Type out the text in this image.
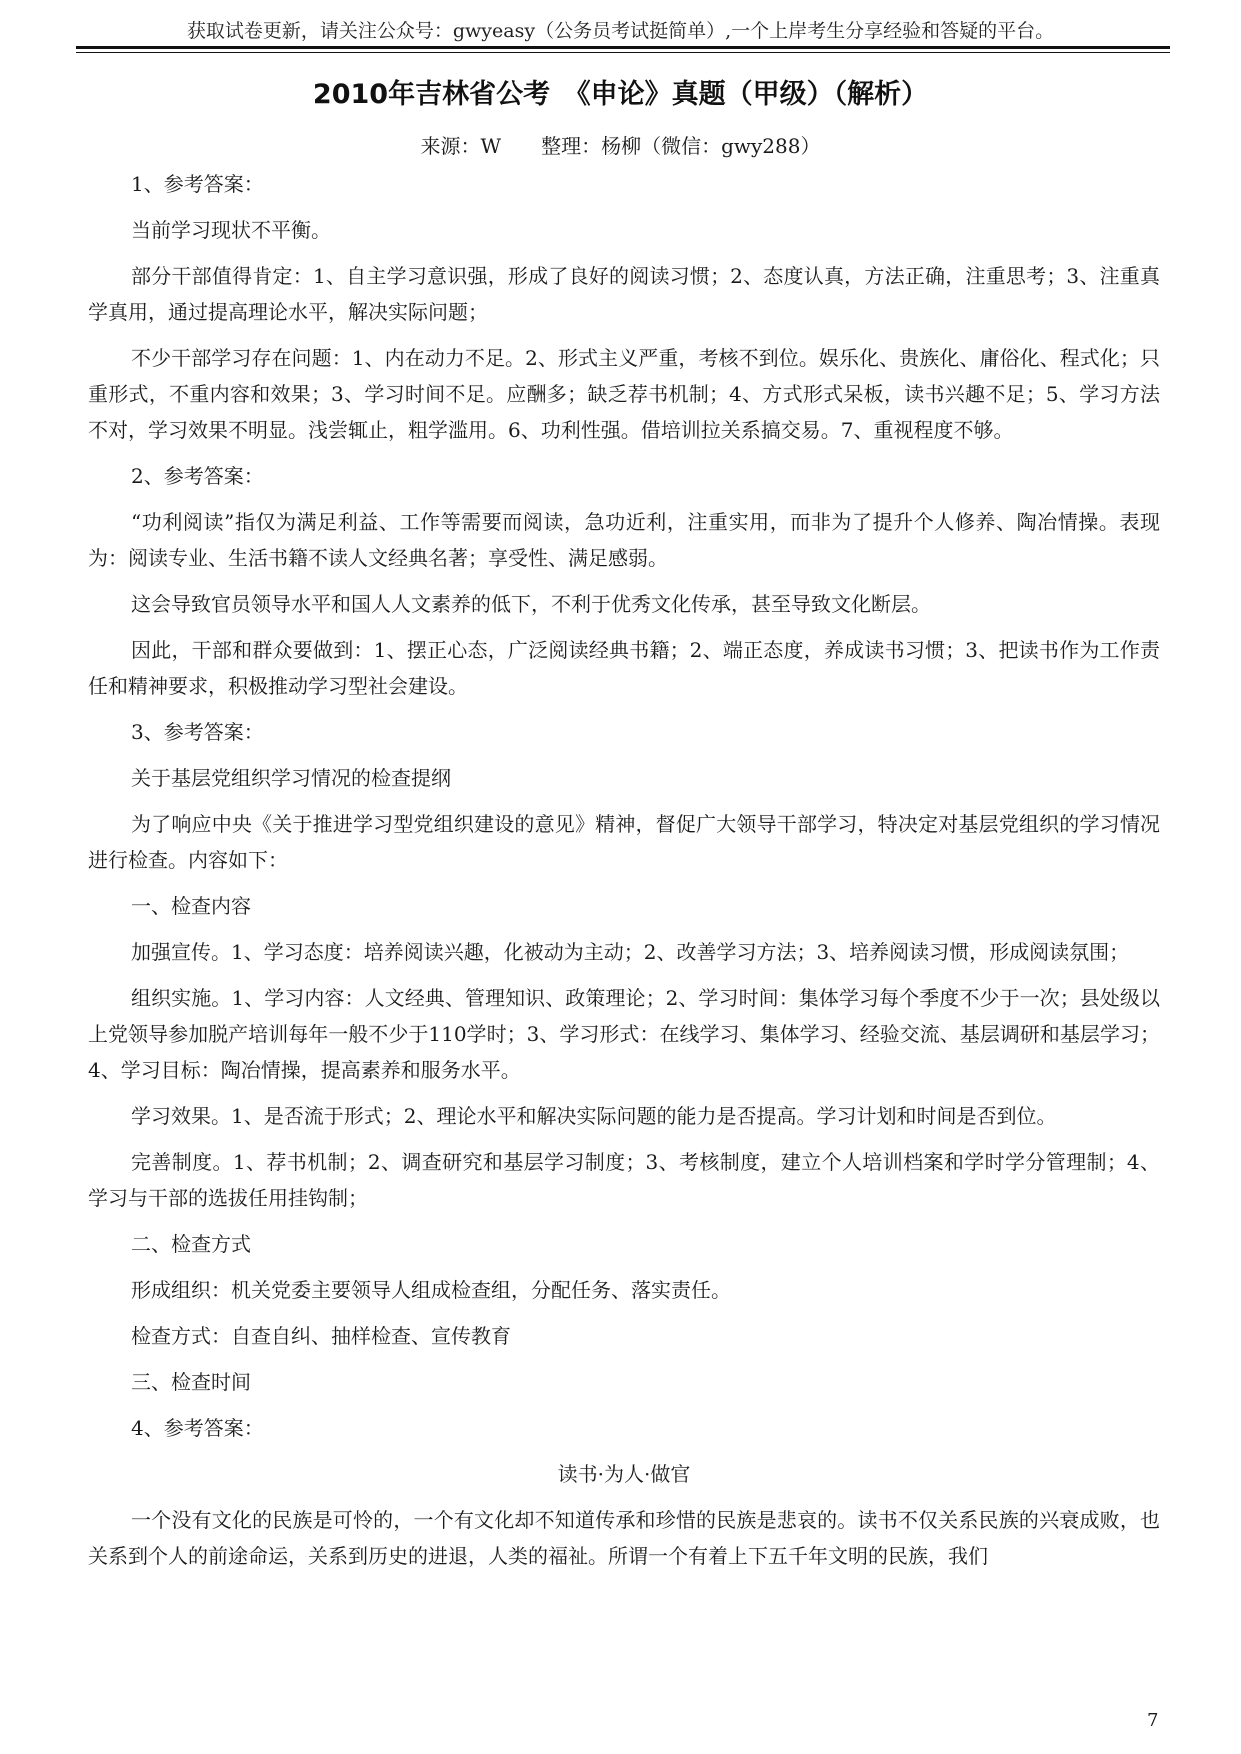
获取试卷更新，请关注公众号：gwyeasy（公务员考试挺简单）,一个上岸考生分享经验和答疑的平台。
2010年吉林省公考　《申论》真题（甲级）（解析）
来源：W　　整理：杨柳（微信：gwy288）

1、参考答案：

当前学习现状不平衡。

部分干部值得肯定：1、自主学习意识强，形成了良好的阅读习惯；2、态度认真，方法正确，注重思考；3、注重真学真用，通过提高理论水平，解决实际问题；

不少干部学习存在问题：1、内在动力不足。2、形式主义严重，考核不到位。娱乐化、贵族化、庸俗化、程式化；只重形式，不重内容和效果；3、学习时间不足。应酬多；缺乏荐书机制；4、方式形式呆板，读书兴趣不足；5、学习方法不对，学习效果不明显。浅尝辄止，粗学滥用。6、功利性强。借培训拉关系搞交易。7、重视程度不够。

2、参考答案：

“功利阅读”指仅为满足利益、工作等需要而阅读，急功近利，注重实用，而非为了提升个人修养、陶冶情操。表现为：阅读专业、生活书籍不读人文经典名著；享受性、满足感弱。

这会导致官员领导水平和国人人文素养的低下，不利于优秀文化传承，甚至导致文化断层。

因此，干部和群众要做到：1、摆正心态，广泛阅读经典书籍；2、端正态度，养成读书习惯；3、把读书作为工作责任和精神要求，积极推动学习型社会建设。

3、参考答案：

关于基层党组织学习情况的检查提纲

为了响应中央《关于推进学习型党组织建设的意见》精神，督促广大领导干部学习，特决定对基层党组织的学习情况进行检查。内容如下：

一、检查内容

加强宣传。1、学习态度：培养阅读兴趣，化被动为主动；2、改善学习方法；3、培养阅读习惯，形成阅读氛围；

组织实施。1、学习内容：人文经典、管理知识、政策理论；2、学习时间：集体学习每个季度不少于一次；县处级以上党领导参加脱产培训每年一般不少于110学时；3、学习形式：在线学习、集体学习、经验交流、基层调研和基层学习；4、学习目标：陶冶情操，提高素养和服务水平。

学习效果。1、是否流于形式；2、理论水平和解决实际问题的能力是否提高。学习计划和时间是否到位。

完善制度。1、荐书机制；2、调查研究和基层学习制度；3、考核制度，建立个人培训档案和学时学分管理制；4、学习与干部的选拔任用挂钩制；

二、检查方式

形成组织：机关党委主要领导人组成检查组，分配任务、落实责任。

检查方式：自查自纠、抽样检查、宣传教育

三、检查时间

4、参考答案：

读书·为人·做官

一个没有文化的民族是可怜的，一个有文化却不知道传承和珍惜的民族是悲哀的。读书不仅关系民族的兴衰成败，也关系到个人的前途命运，关系到历史的进退，人类的福祉。所谓一个有着上下五千年文明的民族，我们

7
